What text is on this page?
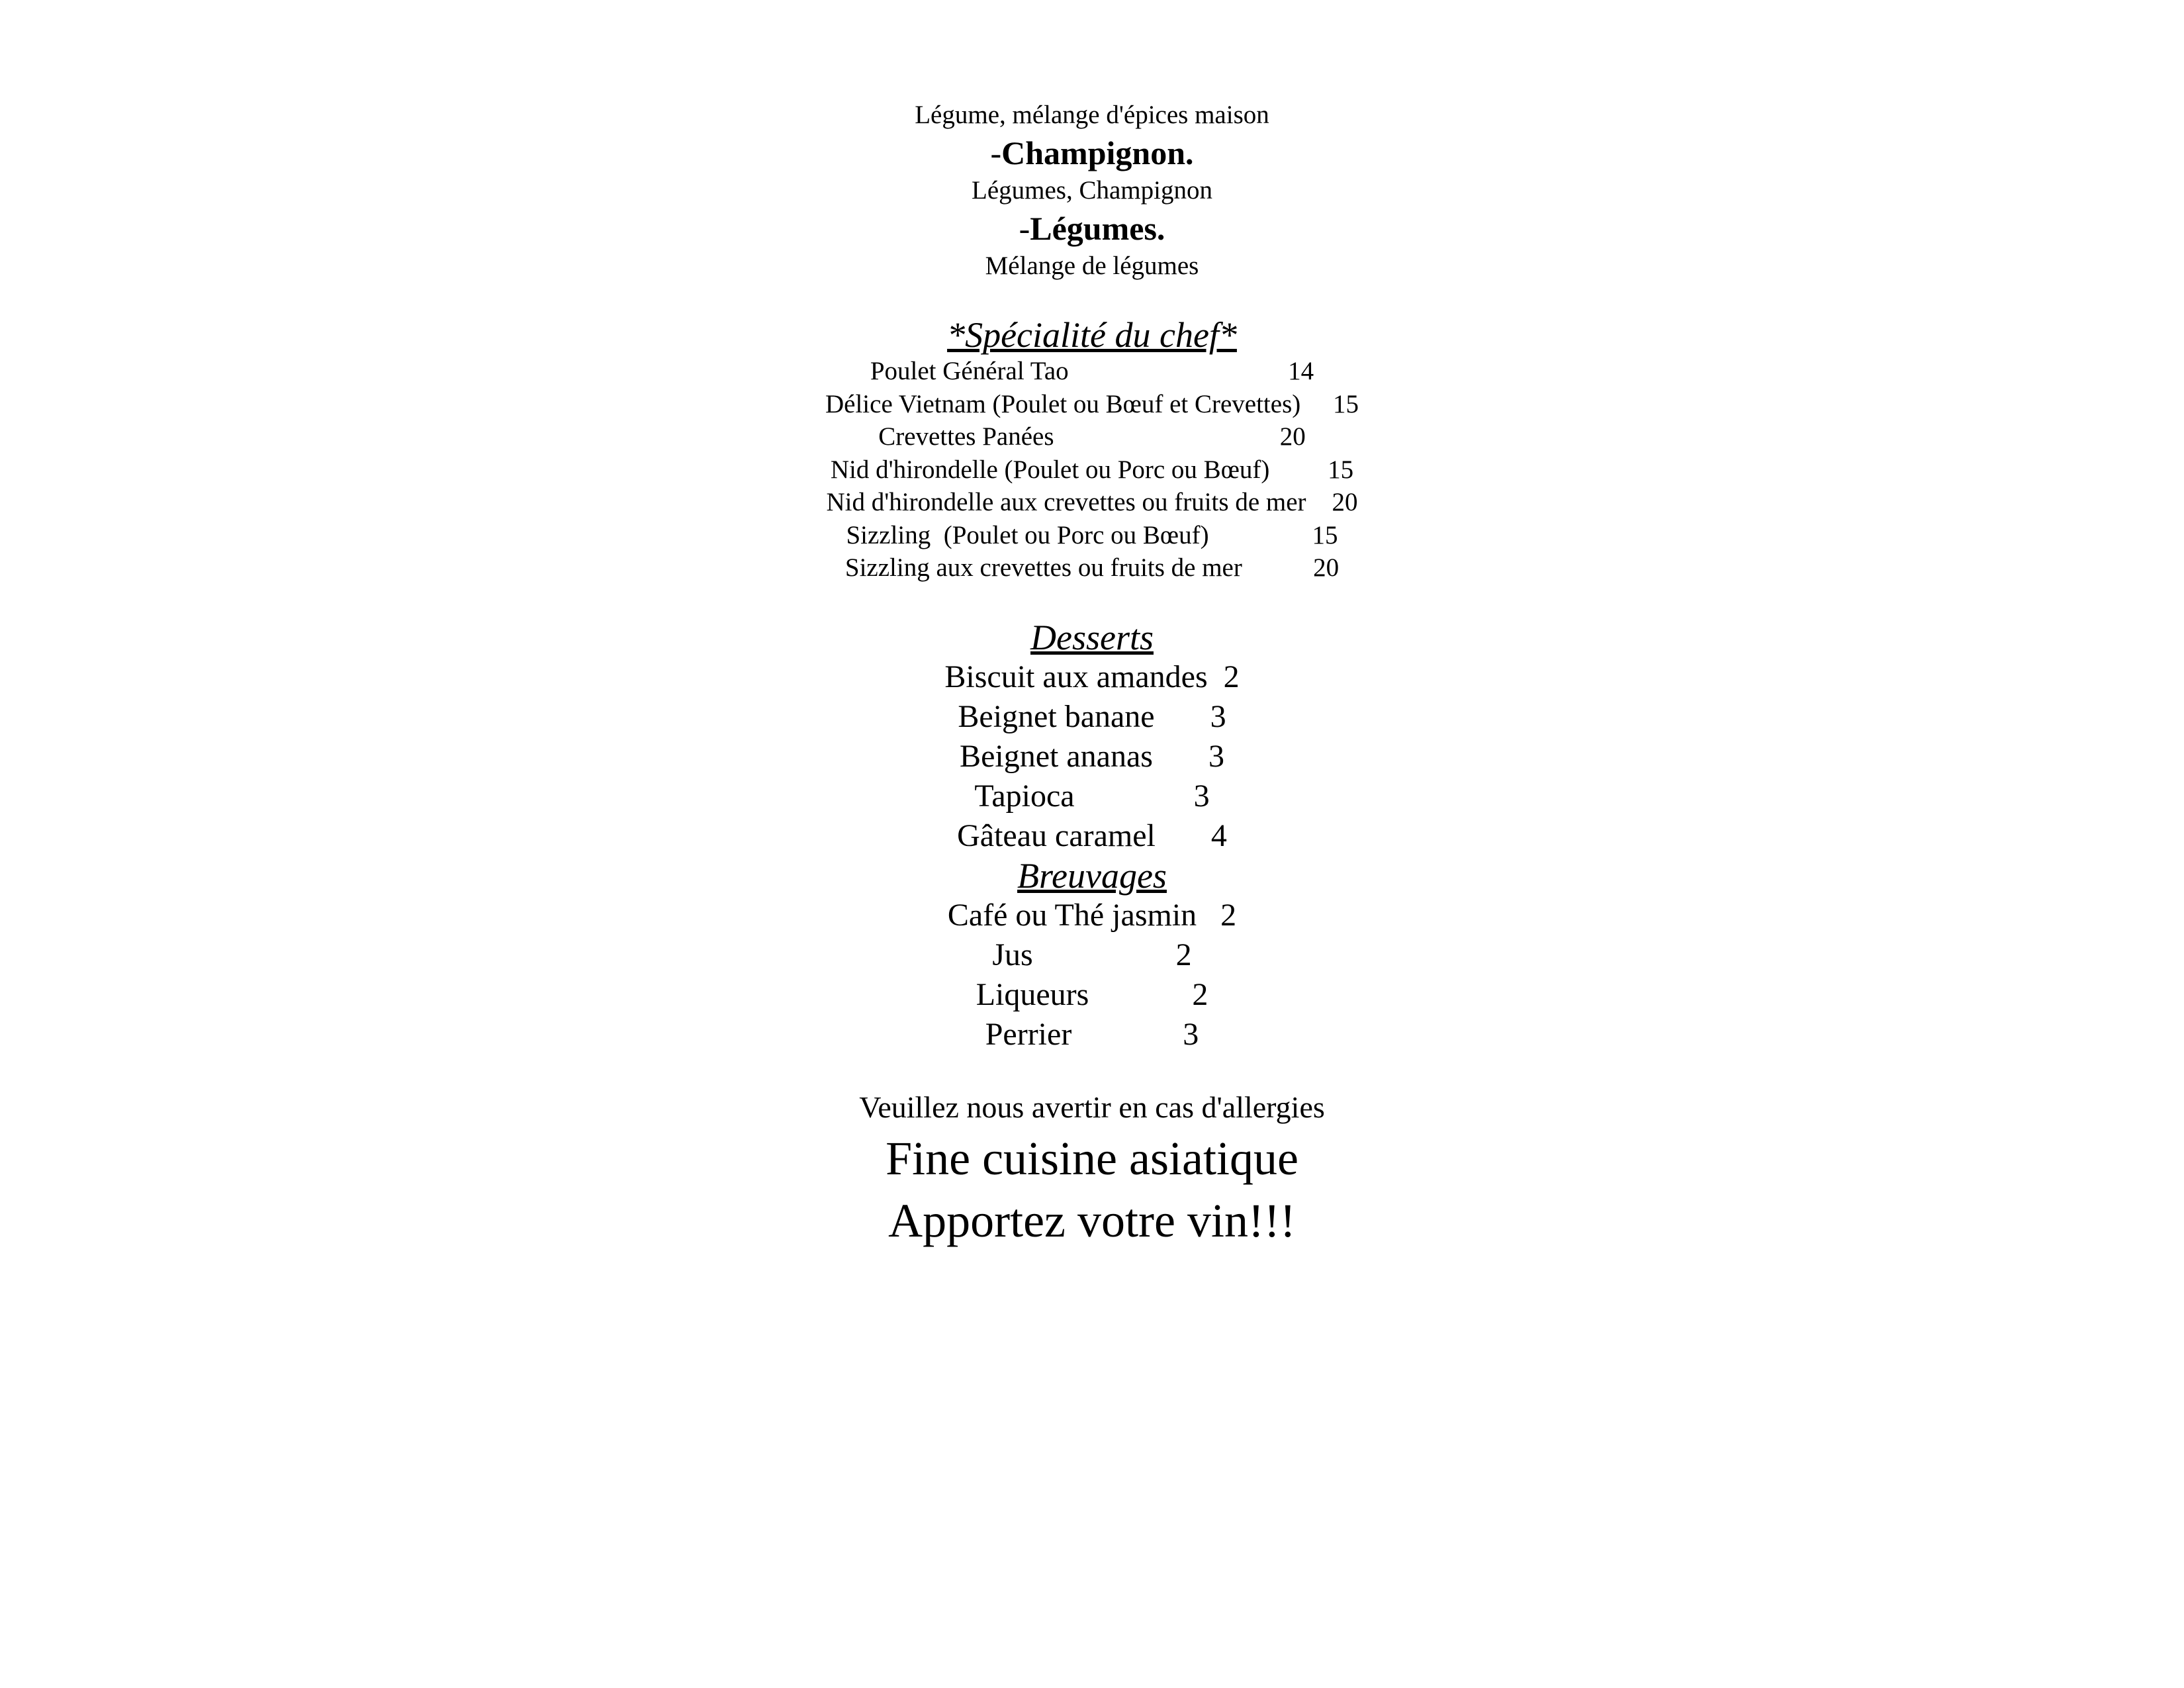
Légume, mélange d'épices maison

-Champignon.

Légumes, Champignon

-Légumes.

Mélange de légumes

*Spécialité du chef*

Poulet Général Tao                                  14

Délice Vietnam (Poulet ou Bœuf et Crevettes)     15

Crevettes Panées                                   20

Nid d'hirondelle (Poulet ou Porc ou Bœuf)         15

Nid d'hirondelle aux crevettes ou fruits de mer    20

Sizzling  (Poulet ou Porc ou Bœuf)                15

Sizzling aux crevettes ou fruits de mer           20

Desserts

Biscuit aux amandes  2

Beignet banane       3

Beignet ananas       3

Tapioca               3

Gâteau caramel       4

Breuvages

Café ou Thé jasmin   2

Jus                  2

Liqueurs             2

Perrier              3

Veuillez nous avertir en cas d'allergies

Fine cuisine asiatique

Apportez votre vin!!!
